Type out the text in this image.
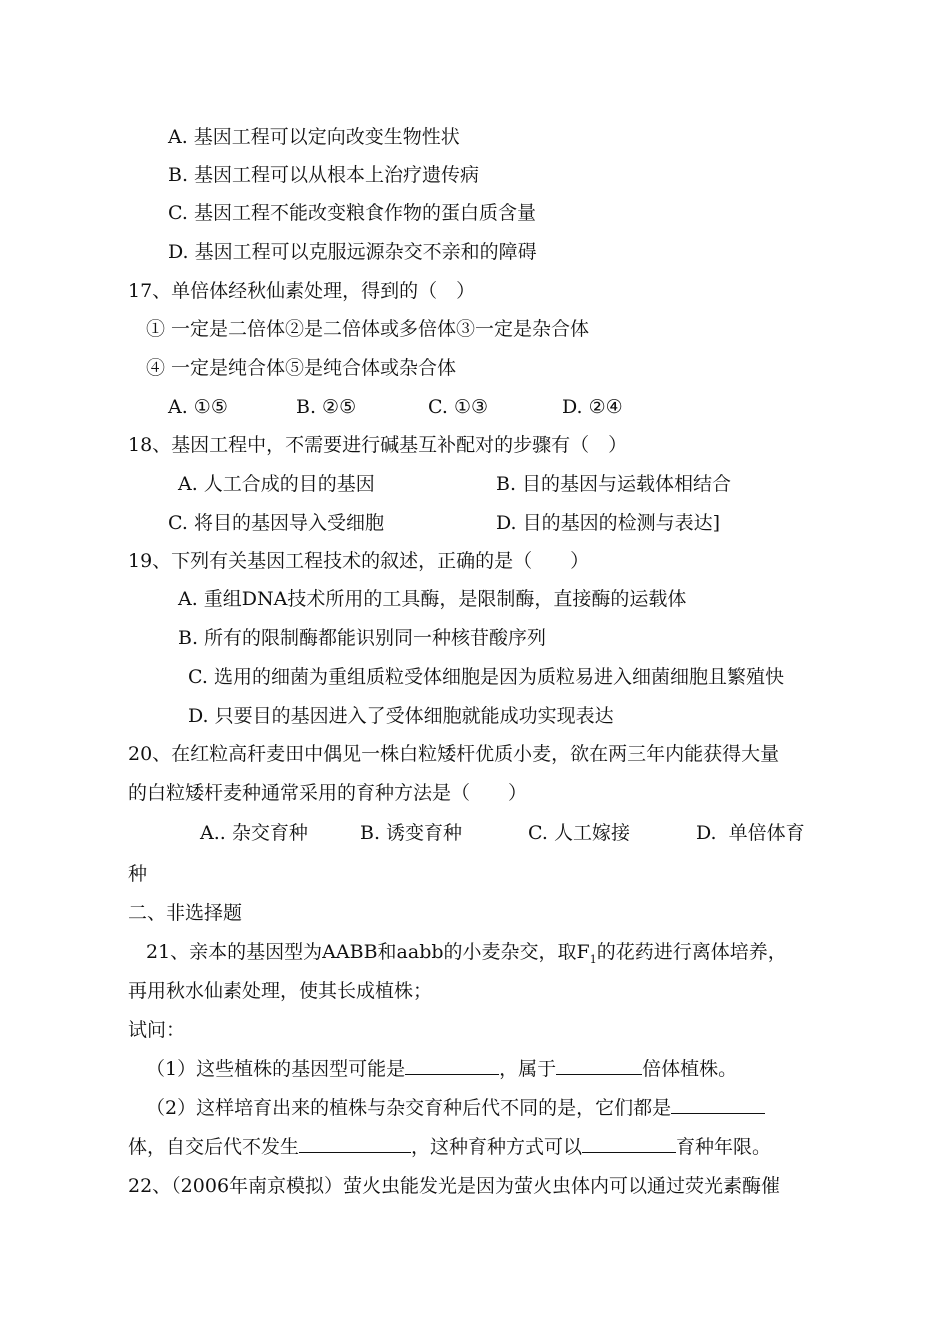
A. 基因工程可以定向改变生物性状
B. 基因工程可以从根本上治疗遗传病
C. 基因工程不能改变粮食作物的蛋白质含量
D. 基因工程可以克服远源杂交不亲和的障碍
17、单倍体经秋仙素处理，得到的（　）
① 一定是二倍体②是二倍体或多倍体③一定是杂合体
④ 一定是纯合体⑤是纯合体或杂合体
A. ①⑤	B. ②⑤	C. ①③	D. ②④
18、基因工程中，不需要进行碱基互补配对的步骤有（　）
A. 人工合成的目的基因	B. 目的基因与运载体相结合
C. 将目的基因导入受细胞	D. 目的基因的检测与表达]
19、下列有关基因工程技术的叙述，正确的是（　　）
A. 重组DNA技术所用的工具酶，是限制酶，直接酶的运载体
B. 所有的限制酶都能识别同一种核苷酸序列
C. 选用的细菌为重组质粒受体细胞是因为质粒易进入细菌细胞且繁殖快
D. 只要目的基因进入了受体细胞就能成功实现表达
20、在红粒高秆麦田中偶见一株白粒矮杆优质小麦，欲在两三年内能获得大量
的白粒矮杆麦种通常采用的育种方法是（　　）
A.. 杂交育种	B. 诱变育种	C. 人工嫁接	D.  单倍体育
种
二、非选择题
21、亲本的基因型为AABB和aabb的小麦杂交，取$F_1$的花药进行离体培养，
再用秋水仙素处理，使其长成植株；
试问：
（1）这些植株的基因型可能是	，属于	倍体植株。
（2）这样培育出来的植株与杂交育种后代不同的是，它们都是
体，自交后代不发生	，这种育种方式可以	育种年限。
22、（2006年南京模拟）萤火虫能发光是因为萤火虫体内可以通过荧光素酶催
